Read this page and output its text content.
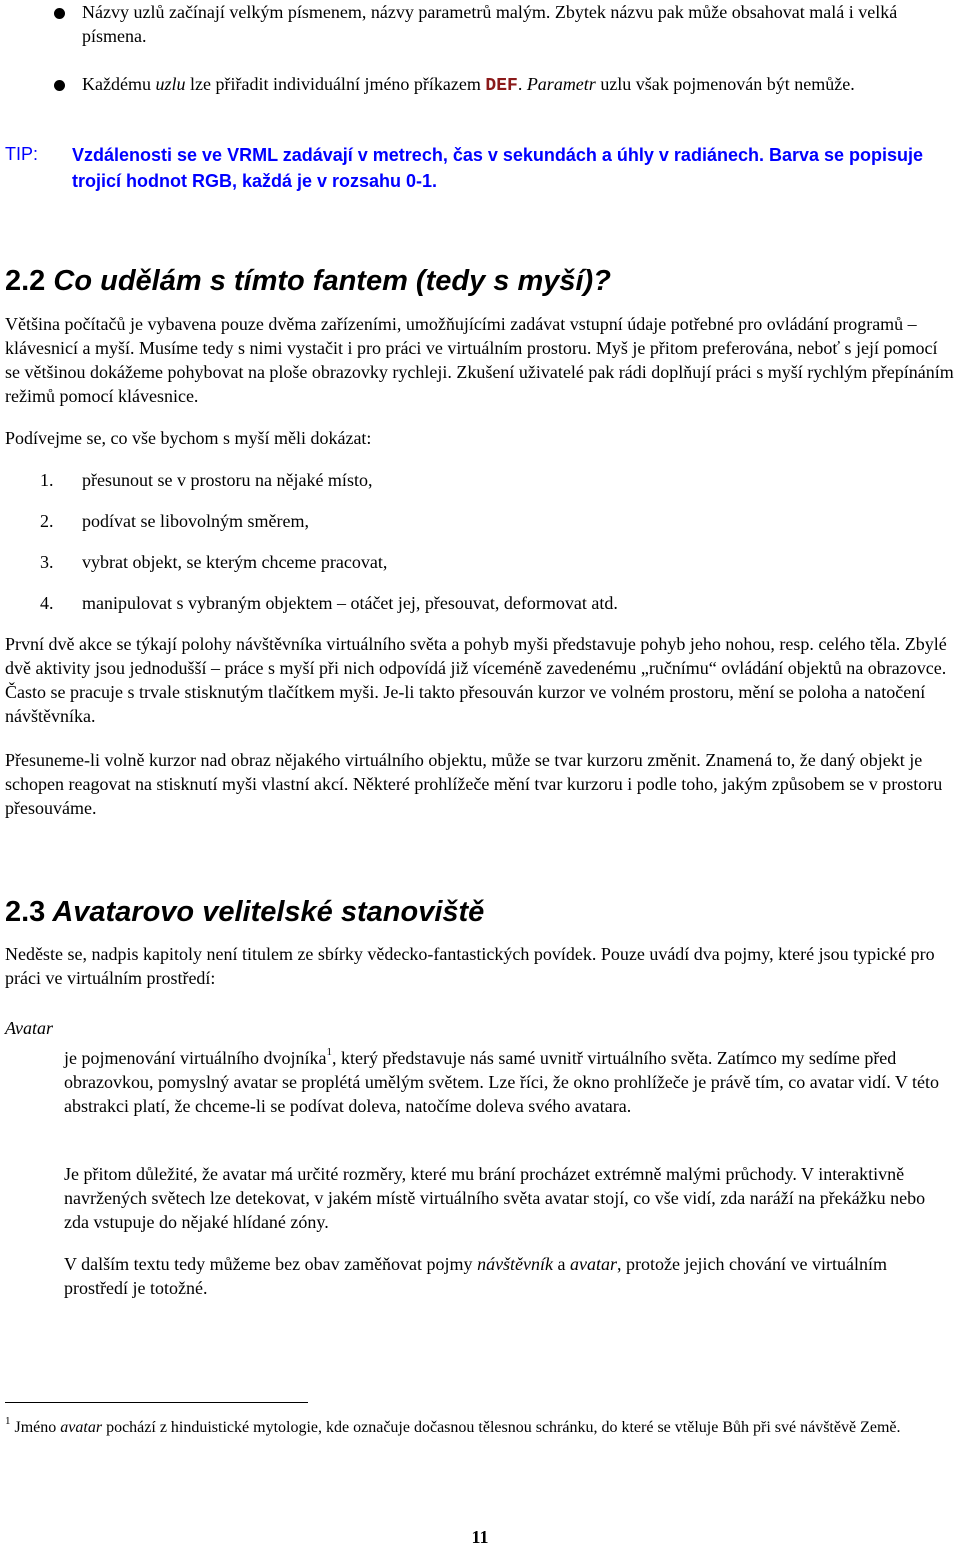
Názvy uzlů začínají velkým písmenem, názvy parametrů malým. Zbytek názvu pak může obsahovat malá i velká písmena.

Každému uzlu lze přiřadit individuální jméno příkazem DEF. Parametr uzlu však pojmenován být nemůže.

TIP: Vzdálenosti se ve VRML zadávají v metrech, čas v sekundách a úhly v radiánech. Barva se popisuje trojicí hodnot RGB, každá je v rozsahu 0-1.

2.2 Co udělám s tímto fantem (tedy s myší)?

Většina počítačů je vybavena pouze dvěma zařízeními, umožňujícími zadávat vstupní údaje potřebné pro ovládání programů – klávesnicí a myší. Musíme tedy s nimi vystačit i pro práci ve virtuálním prostoru. Myš je přitom preferována, neboť s její pomocí se většinou dokážeme pohybovat na ploše obrazovky rychleji. Zkušení uživatelé pak rádi doplňují práci s myší rychlým přepínáním režimů pomocí klávesnice.

Podívejme se, co vše bychom s myší měli dokázat:

1. přesunout se v prostoru na nějaké místo,
2. podívat se libovolným směrem,
3. vybrat objekt, se kterým chceme pracovat,
4. manipulovat s vybraným objektem – otáčet jej, přesouvat, deformovat atd.

První dvě akce se týkají polohy návštěvníka virtuálního světa a pohyb myši představuje pohyb jeho nohou, resp. celého těla. Zbylé dvě aktivity jsou jednodušší – práce s myší při nich odpovídá již víceméně zavedenému „ručnímu“ ovládání objektů na obrazovce. Často se pracuje s trvale stisknutým tlačítkem myši. Je-li takto přesouván kurzor ve volném prostoru, mění se poloha a natočení návštěvníka.

Přesuneme-li volně kurzor nad obraz nějakého virtuálního objektu, může se tvar kurzoru změnit. Znamená to, že daný objekt je schopen reagovat na stisknutí myši vlastní akcí. Některé prohlížeče mění tvar kurzoru i podle toho, jakým způsobem se v prostoru přesouváme.

2.3 Avatarovo velitelské stanoviště

Neděste se, nadpis kapitoly není titulem ze sbírky vědecko-fantastických povídek. Pouze uvádí dva pojmy, které jsou typické pro práci ve virtuálním prostředí:

Avatar

je pojmenování virtuálního dvojníka$^1$, který představuje nás samé uvnitř virtuálního světa. Zatímco my sedíme před obrazovkou, pomyslný avatar se proplétá umělým světem. Lze říci, že okno prohlížeče je právě tím, co avatar vidí. V této abstrakci platí, že chceme-li se podívat doleva, natočíme doleva svého avatara.

Je přitom důležité, že avatar má určité rozměry, které mu brání procházet extrémně malými průchody. V interaktivně navržených světech lze detekovat, v jakém místě virtuálního světa avatar stojí, co vše vidí, zda naráží na překážku nebo zda vstupuje do nějaké hlídané zóny.

V dalším textu tedy můžeme bez obav zaměňovat pojmy návštěvník a avatar, protože jejich chování ve virtuálním prostředí je totožné.

$^1$ Jméno avatar pochází z hinduistické mytologie, kde označuje dočasnou tělesnou schránku, do které se vtěluje Bůh při své návštěvě Země.

11
